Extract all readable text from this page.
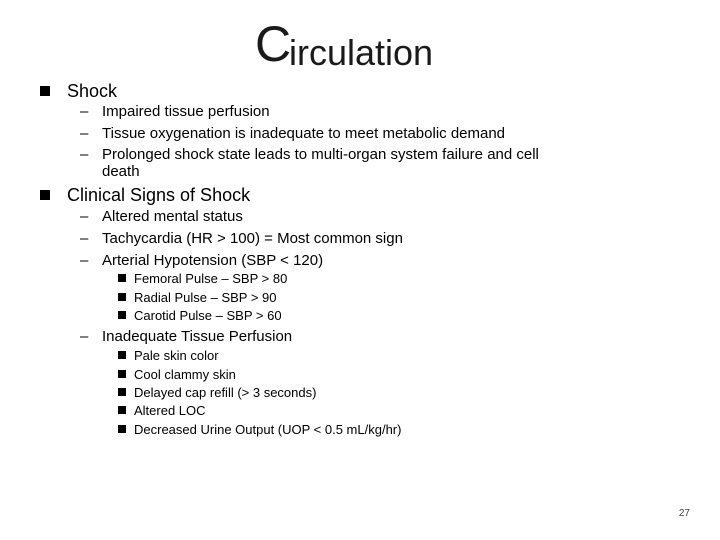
C
irculation
Shock
– Impaired tissue perfusion
– Tissue oxygenation is inadequate to meet metabolic demand
– Prolonged shock state leads to multi-organ system failure and cell
death
Clinical Signs of Shock
– Altered mental status
– Tachycardia (HR > 100) = Most common sign
– Arterial Hypotension (SBP < 120)
Femoral Pulse – SBP > 80
Radial Pulse – SBP > 90
Carotid Pulse – SBP > 60
– Inadequate Tissue Perfusion
Pale skin color
Cool clammy skin
Delayed cap refill (> 3 seconds)
Altered LOC
Decreased Urine Output (UOP < 0.5 mL/kg/hr)
27
